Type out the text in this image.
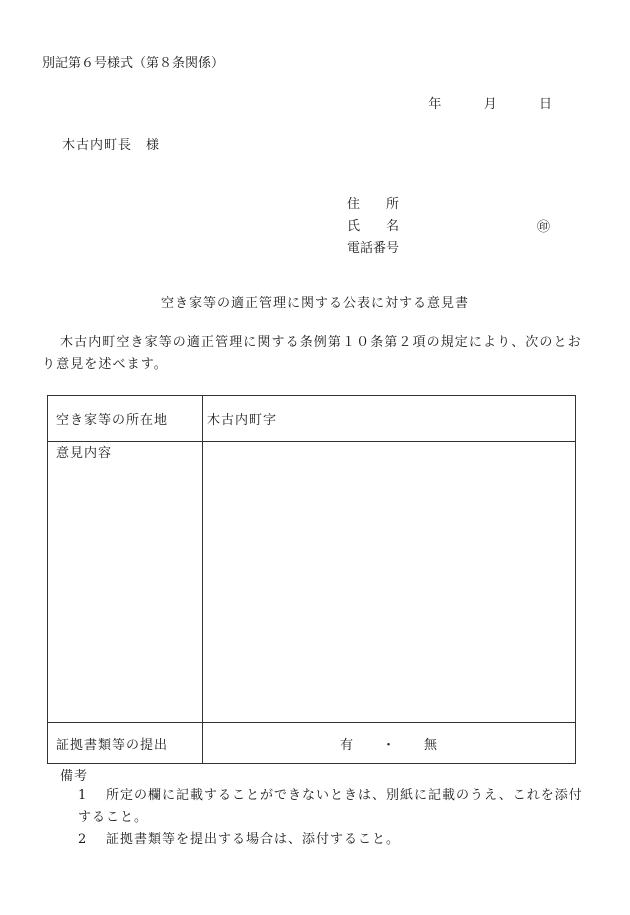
別記第６号様式（第８条関係）
年	月	日
木古内町長　様
住　　所
氏　　名
電話番号
㊞
空き家等の適正管理に関する公表に対する意見書
木古内町空き家等の適正管理に関する条例第１０条第２項の規定により、次のとおり意見を述べます。
空き家等の所在地	木古内町字
意見内容	
証拠書類等の提出	有 ・ 無
備考
1 所定の欄に記載することができないときは、別紙に記載のうえ、これを添付すること。
2 証拠書類等を提出する場合は、添付すること。
